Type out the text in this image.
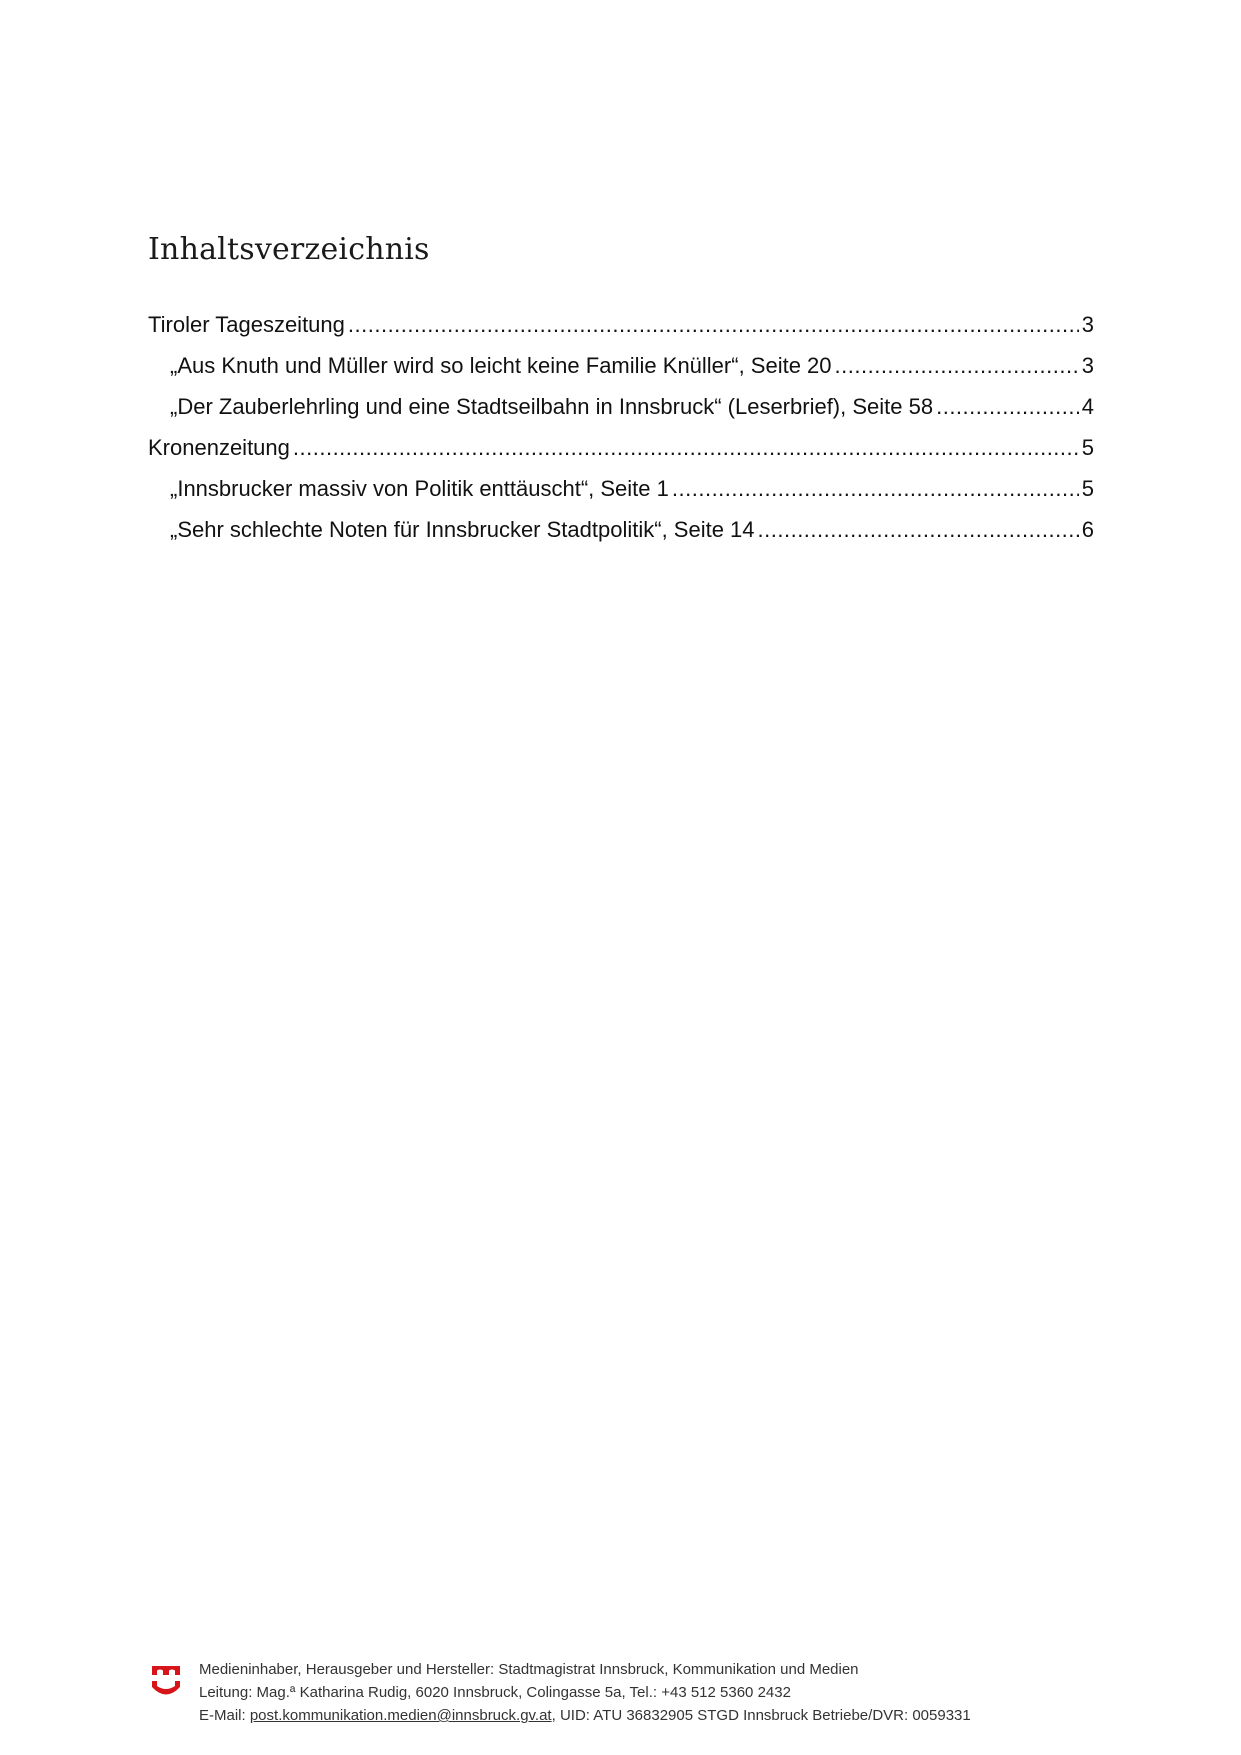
Inhaltsverzeichnis
Tiroler Tageszeitung .....	3
„Aus Knuth und Müller wird so leicht keine Familie Knüller“, Seite 20 .....	3
„Der Zauberlehrling und eine Stadtseilbahn in Innsbruck“ (Leserbrief), Seite 58 .....	4
Kronenzeitung .....	5
„Innsbrucker massiv von Politik enttäuscht“, Seite 1 .....	5
„Sehr schlechte Noten für Innsbrucker Stadtpolitik“, Seite 14 .....	6
Medieninhaber, Herausgeber und Hersteller: Stadtmagistrat Innsbruck, Kommunikation und Medien
Leitung: Mag.ª Katharina Rudig, 6020 Innsbruck, Colingasse 5a, Tel.: +43 512 5360 2432
E-Mail: post.kommunikation.medien@innsbruck.gv.at, UID: ATU 36832905 STGD Innsbruck Betriebe/DVR: 0059331
